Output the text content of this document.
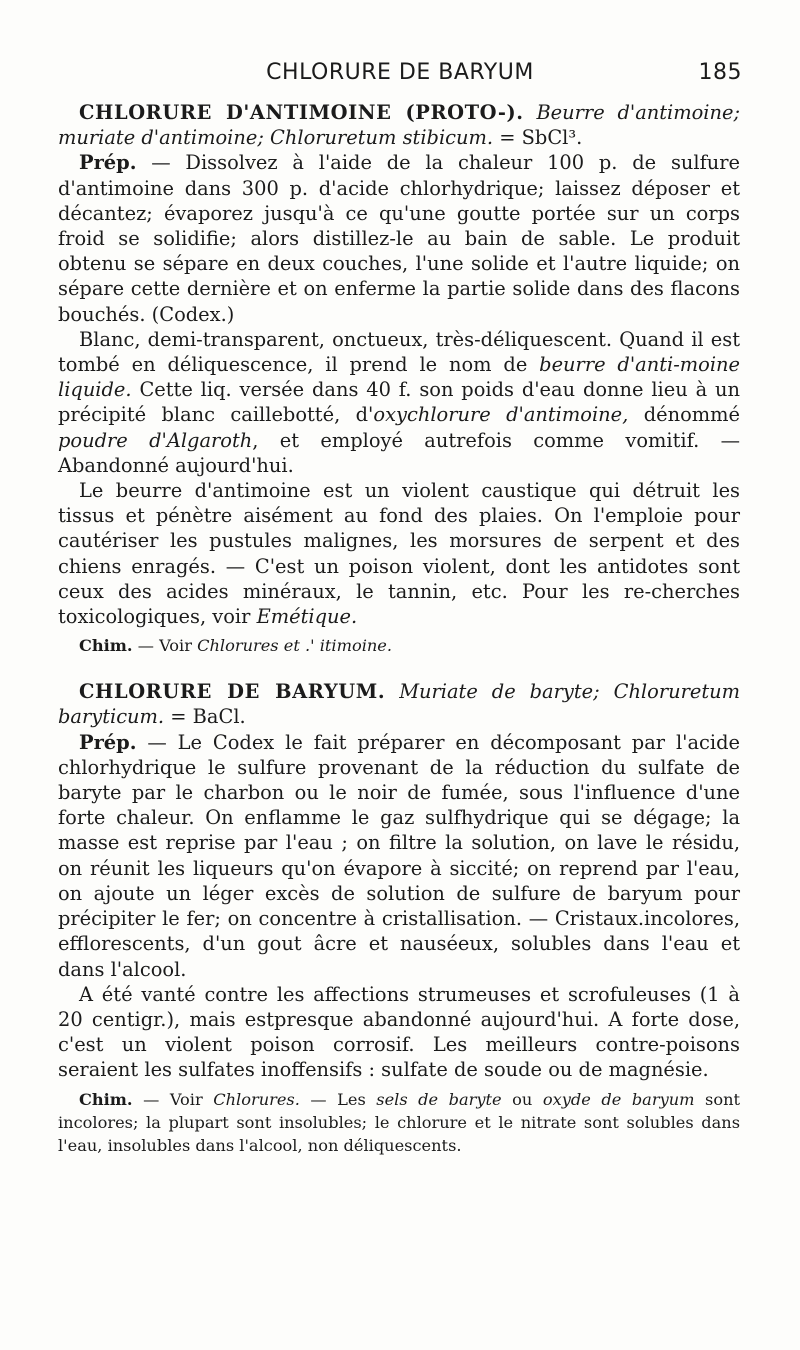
CHLORURE DE BARYUM	185

CHLORURE D'ANTIMOINE (PROTO-). Beurre d'antimoine; muriate d'antimoine; Chloruretum stibicum. = SbCl³.

Prép. — Dissolvez à l'aide de la chaleur 100 p. de sulfure d'antimoine dans 300 p. d'acide chlorhydrique; laissez déposer et décantez; évaporez jusqu'à ce qu'une goutte portée sur un corps froid se solidifie; alors distillez-le au bain de sable. Le produit obtenu se sépare en deux couches, l'une solide et l'autre liquide; on sépare cette dernière et on enferme la partie solide dans des flacons bouchés. (Codex.)

Blanc, demi-transparent, onctueux, très-déliquescent. Quand il est tombé en déliquescence, il prend le nom de beurre d'anti-moine liquide. Cette liq. versée dans 40 f. son poids d'eau donne lieu à un précipité blanc caillebotté, d'oxychlorure d'antimoine, dénommé poudre d'Algaroth, et employé autrefois comme vomitif. — Abandonné aujourd'hui.

Le beurre d'antimoine est un violent caustique qui détruit les tissus et pénètre aisément au fond des plaies. On l'emploie pour cautériser les pustules malignes, les morsures de serpent et des chiens enragés. — C'est un poison violent, dont les antidotes sont ceux des acides minéraux, le tannin, etc. Pour les re-cherches toxicologiques, voir Emétique.

Chim. — Voir Chlorures et .' itimoine.

CHLORURE DE BARYUM. Muriate de baryte; Chloruretum baryticum. = BaCl.

Prép. — Le Codex le fait préparer en décomposant par l'acide chlorhydrique le sulfure provenant de la réduction du sulfate de baryte par le charbon ou le noir de fumée, sous l'influence d'une forte chaleur. On enflamme le gaz sulfhydrique qui se dégage; la masse est reprise par l'eau ; on filtre la solution, on lave le résidu, on réunit les liqueurs qu'on évapore à siccité; on reprend par l'eau, on ajoute un léger excès de solution de sulfure de baryum pour précipiter le fer; on concentre à cristallisation. — Cristaux.incolores, efflorescents, d'un gout âcre et nauséeux, solubles dans l'eau et dans l'alcool.

A été vanté contre les affections strumeuses et scrofuleuses (1 à 20 centigr.), mais estpresque abandonné aujourd'hui. A forte dose, c'est un violent poison corrosif. Les meilleurs contre-poisons seraient les sulfates inoffensifs : sulfate de soude ou de magnésie.

Chim. — Voir Chlorures. — Les sels de baryte ou oxyde de baryum sont incolores; la plupart sont insolubles; le chlorure et le nitrate sont solubles dans l'eau, insolubles dans l'alcool, non déliquescents.
